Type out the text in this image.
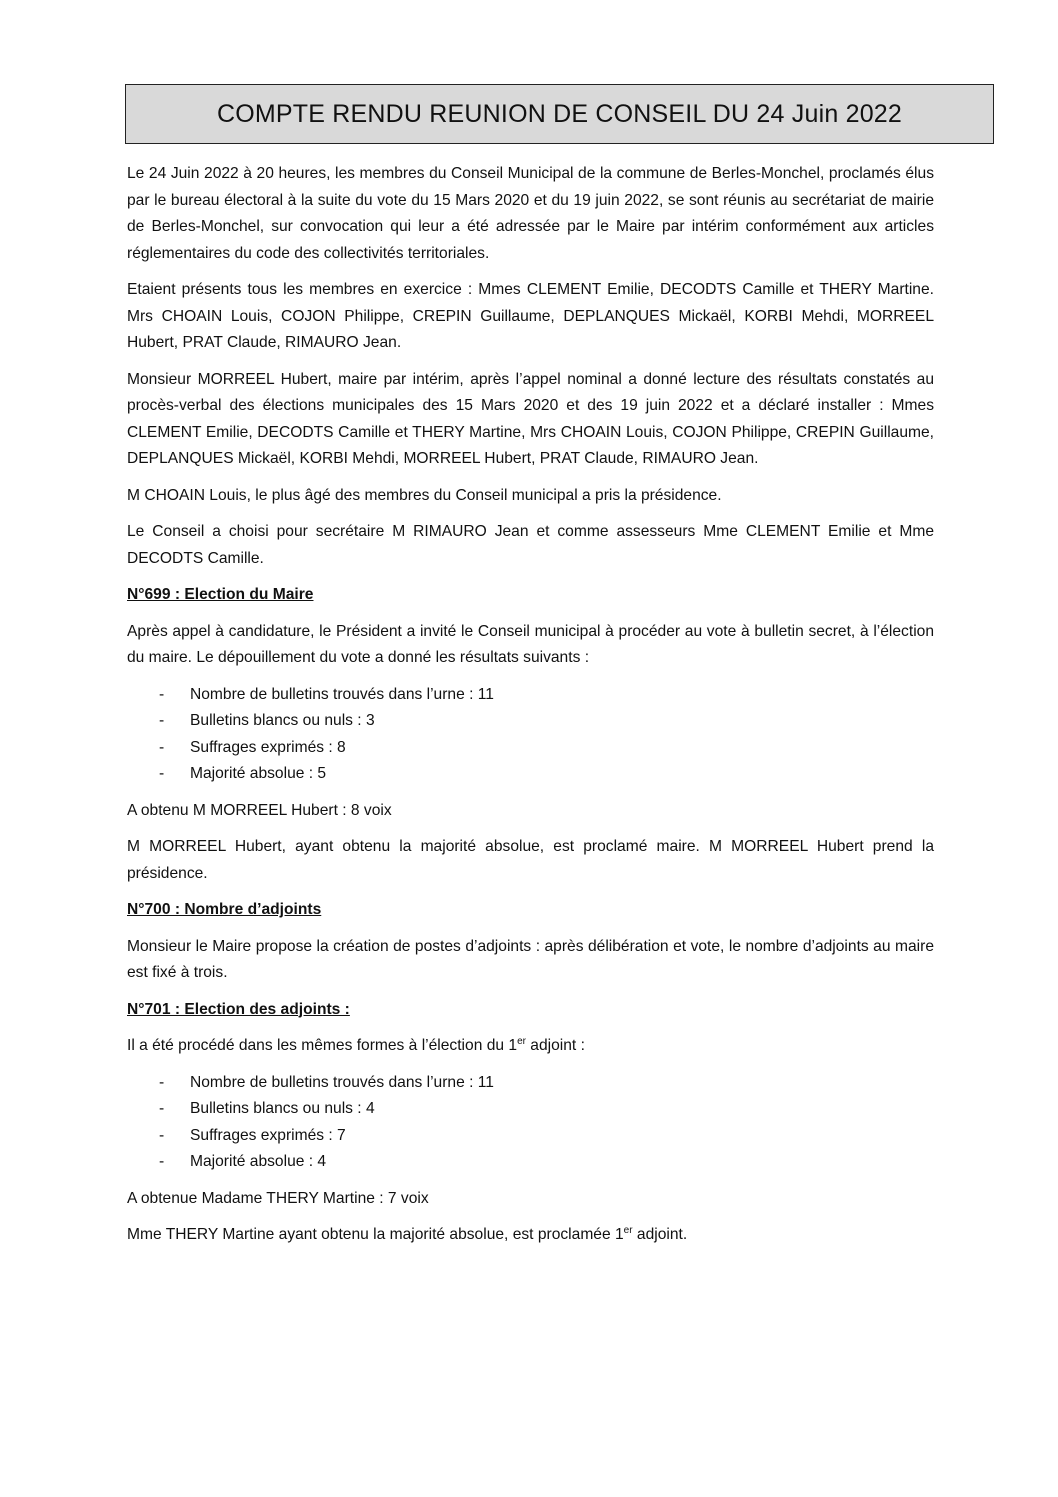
COMPTE RENDU REUNION DE CONSEIL DU 24 Juin 2022

Le 24 Juin 2022 à 20 heures, les membres du Conseil Municipal de la commune de Berles-Monchel, proclamés élus par le bureau électoral à la suite du vote du 15 Mars 2020 et du 19 juin 2022, se sont réunis au secrétariat de mairie de Berles-Monchel, sur convocation qui leur a été adressée par le Maire par intérim conformément aux articles réglementaires du code des collectivités territoriales.

Etaient présents tous les membres en exercice : Mmes CLEMENT Emilie, DECODTS Camille et THERY Martine. Mrs CHOAIN Louis, COJON Philippe, CREPIN Guillaume, DEPLANQUES Mickaël, KORBI Mehdi, MORREEL Hubert, PRAT Claude, RIMAURO Jean.

Monsieur MORREEL Hubert, maire par intérim, après l’appel nominal a donné lecture des résultats constatés au procès-verbal des élections municipales des 15 Mars 2020 et des 19 juin 2022 et a déclaré installer : Mmes CLEMENT Emilie, DECODTS Camille et THERY Martine, Mrs CHOAIN Louis, COJON Philippe, CREPIN Guillaume, DEPLANQUES Mickaël, KORBI Mehdi, MORREEL Hubert, PRAT Claude, RIMAURO Jean.

M CHOAIN Louis, le plus âgé des membres du Conseil municipal a pris la présidence.

Le Conseil a choisi pour secrétaire M RIMAURO Jean et comme assesseurs Mme CLEMENT Emilie et Mme DECODTS Camille.

N°699 : Election du Maire

Après appel à candidature, le Président a invité le Conseil municipal à procéder au vote à bulletin secret, à l’élection du maire. Le dépouillement du vote a donné les résultats suivants :

- Nombre de bulletins trouvés dans l’urne : 11
- Bulletins blancs ou nuls : 3
- Suffrages exprimés : 8
- Majorité absolue : 5

A obtenu M MORREEL Hubert : 8 voix

M MORREEL Hubert, ayant obtenu la majorité absolue, est proclamé maire. M MORREEL Hubert prend la présidence.

N°700 : Nombre d’adjoints

Monsieur le Maire propose la création de postes d’adjoints : après délibération et vote, le nombre d’adjoints au maire est fixé à trois.

N°701 : Election des adjoints :

Il a été procédé dans les mêmes formes à l’élection du 1er adjoint :

- Nombre de bulletins trouvés dans l’urne : 11
- Bulletins blancs ou nuls : 4
- Suffrages exprimés : 7
- Majorité absolue : 4

A obtenue Madame THERY Martine : 7 voix

Mme THERY Martine ayant obtenu la majorité absolue, est proclamée 1er adjoint.
